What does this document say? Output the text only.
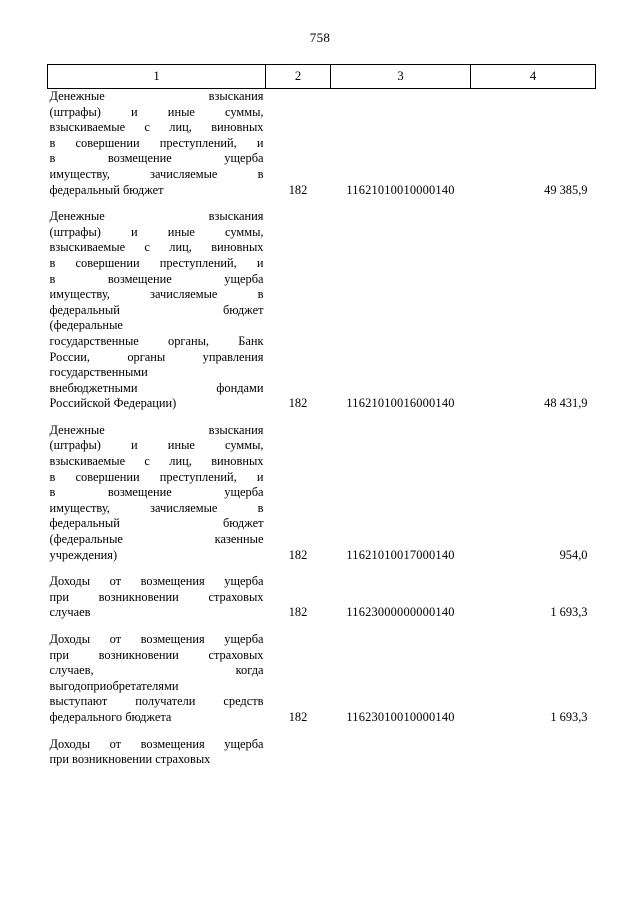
758
1	2	3	4

Денежные взыскания
(штрафы) и иные суммы,
взыскиваемые с лиц, виновных
в совершении преступлений, и
в возмещение ущерба
имуществу, зачисляемые в
федеральный бюджет	182	11621010010000140	49 385,9

Денежные взыскания
(штрафы) и иные суммы,
взыскиваемые с лиц, виновных
в совершении преступлений, и
в возмещение ущерба
имуществу, зачисляемые в
федеральный бюджет
(федеральные
государственные органы, Банк
России, органы управления
государственными
внебюджетными фондами
Российской Федерации)	182	11621010016000140	48 431,9

Денежные взыскания
(штрафы) и иные суммы,
взыскиваемые с лиц, виновных
в совершении преступлений, и
в возмещение ущерба
имуществу, зачисляемые в
федеральный бюджет
(федеральные казенные
учреждения)	182	11621010017000140	954,0

Доходы от возмещения ущерба
при возникновении страховых
случаев	182	11623000000000140	1 693,3

Доходы от возмещения ущерба
при возникновении страховых
случаев, когда
выгодоприобретателями
выступают получатели средств
федерального бюджета	182	11623010010000140	1 693,3

Доходы от возмещения ущерба
при возникновении страховых			
